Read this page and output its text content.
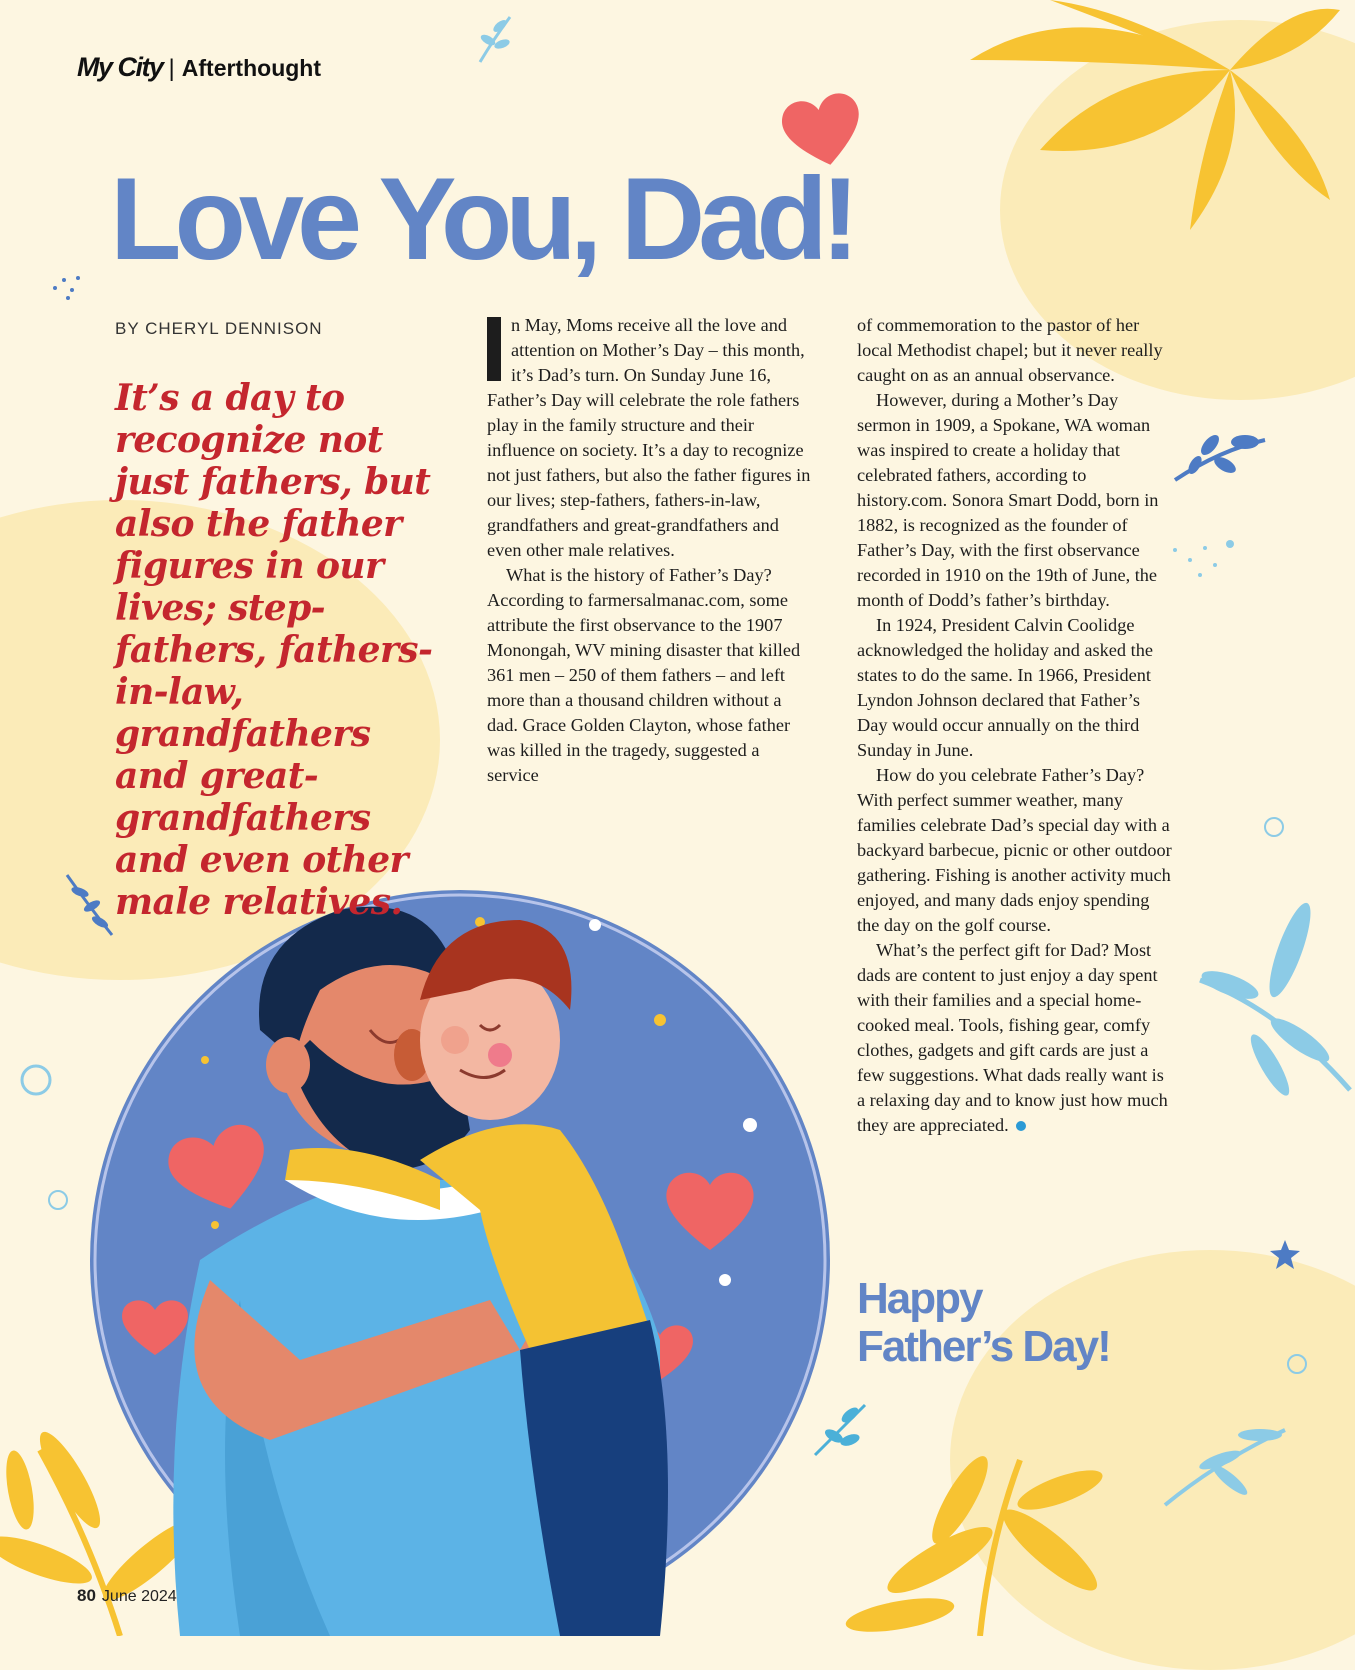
My City | Afterthought
Love You, Dad!
BY CHERYL DENNISON
It’s a day to recognize not just fathers, but also the father figures in our lives; step-fathers, fathers-in-law, grandfathers and great-grandfathers and even other male relatives.

n May, Moms receive all the love and attention on Mother’s Day – this month, it’s Dad’s turn. On Sunday June 16, Father’s Day will celebrate the role fathers play in the family structure and their influence on society. It’s a day to recognize not just fathers, but also the father figures in our lives; step-fathers, fathers-in-law, grandfathers and great-grandfathers and even other male relatives.

What is the history of Father’s Day? According to farmersalmanac.com, some attribute the first observance to the 1907 Monongah, WV mining disaster that killed 361 men – 250 of them fathers – and left more than a thousand children without a dad. Grace Golden Clayton, whose father was killed in the tragedy, suggested a service

of commemoration to the pastor of her local Methodist chapel; but it never really caught on as an annual observance.

However, during a Mother’s Day sermon in 1909, a Spokane, WA woman was inspired to create a holiday that celebrated fathers, according to history.com. Sonora Smart Dodd, born in 1882, is recognized as the founder of Father’s Day, with the first observance recorded in 1910 on the 19th of June, the month of Dodd’s father’s birthday.

In 1924, President Calvin Coolidge acknowledged the holiday and asked the states to do the same. In 1966, President Lyndon Johnson declared that Father’s Day would occur annually on the third Sunday in June.

How do you celebrate Father’s Day? With perfect summer weather, many families celebrate Dad’s special day with a backyard barbecue, picnic or other outdoor gathering. Fishing is another activity much enjoyed, and many dads enjoy spending the day on the golf course.

What’s the perfect gift for Dad? Most dads are content to just enjoy a day spent with their families and a special home-cooked meal. Tools, fishing gear, comfy clothes, gadgets and gift cards are just a few suggestions. What dads really want is a relaxing day and to know just how much they are appreciated.

Happy
Father’s Day!
80 June 2024
